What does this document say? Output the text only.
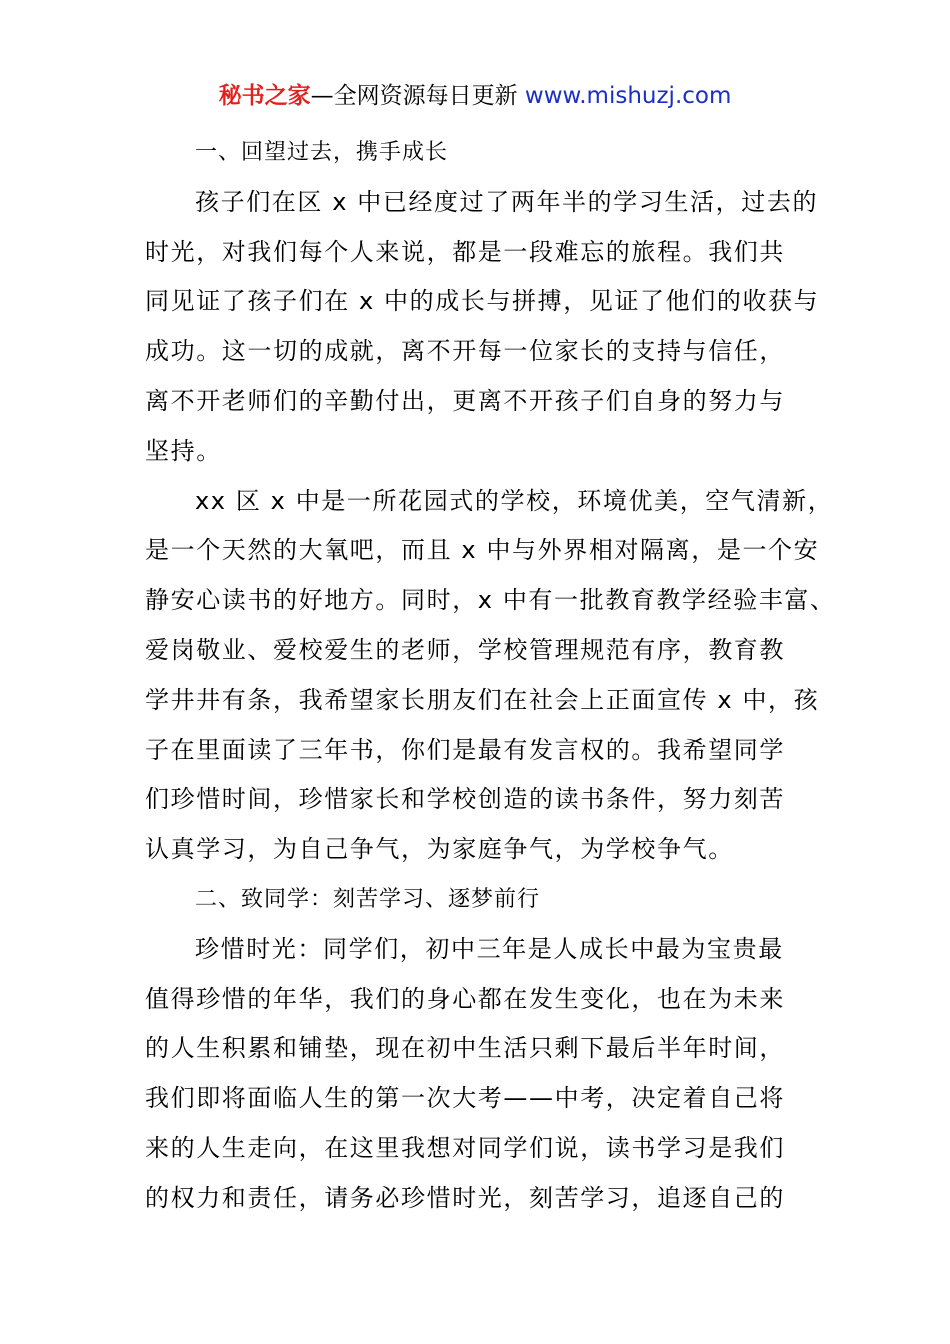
秘书之家—全网资源每日更新 www.mishuzj.com
一、回望过去，携手成长
孩子们在区 x 中已经度过了两年半的学习生活，过去的
时光，对我们每个人来说，都是一段难忘的旅程。我们共
同见证了孩子们在 x 中的成长与拼搏，见证了他们的收获与
成功。这一切的成就，离不开每一位家长的支持与信任，
离不开老师们的辛勤付出，更离不开孩子们自身的努力与
坚持。
xx 区 x 中是一所花园式的学校，环境优美，空气清新，
是一个天然的大氧吧，而且 x 中与外界相对隔离，是一个安
静安心读书的好地方。同时，x 中有一批教育教学经验丰富、
爱岗敬业、爱校爱生的老师，学校管理规范有序，教育教
学井井有条，我希望家长朋友们在社会上正面宣传 x 中，孩
子在里面读了三年书，你们是最有发言权的。我希望同学
们珍惜时间，珍惜家长和学校创造的读书条件，努力刻苦
认真学习，为自己争气，为家庭争气，为学校争气。
二、致同学：刻苦学习、逐梦前行
珍惜时光：同学们，初中三年是人成长中最为宝贵最
值得珍惜的年华，我们的身心都在发生变化，也在为未来
的人生积累和铺垫，现在初中生活只剩下最后半年时间，
我们即将面临人生的第一次大考——中考，决定着自己将
来的人生走向，在这里我想对同学们说，读书学习是我们
的权力和责任，请务必珍惜时光，刻苦学习，追逐自己的
